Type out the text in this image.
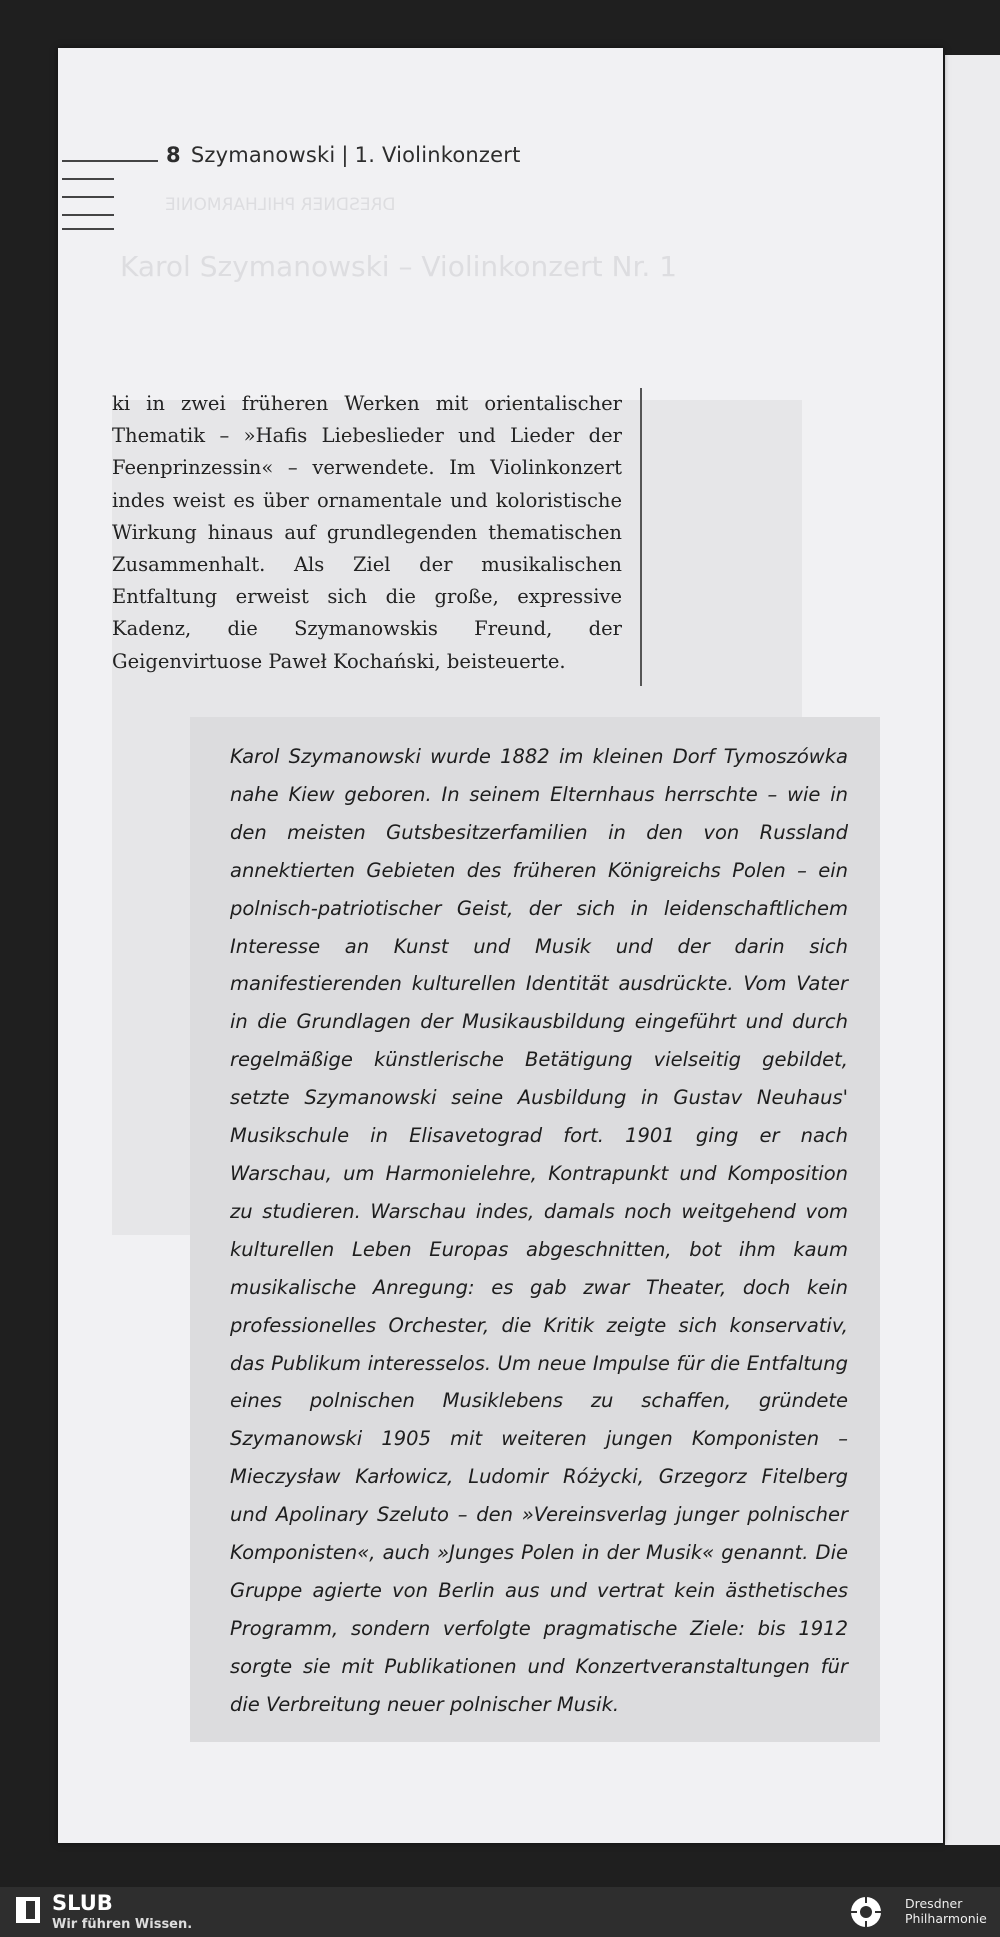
DRESDNER PHILHARMONIE
Karol Szymanowski – Violinkonzert Nr. 1
8 Szymanowski | 1. Violinkonzert

ki in zwei früheren Werken mit orientalischer Thematik – »Hafis Liebeslieder und Lieder der Feenprinzessin« – verwendete. Im Violinkonzert indes weist es über ornamentale und koloristische Wirkung hinaus auf grundlegenden thematischen Zusammenhalt. Als Ziel der musikalischen Entfaltung erweist sich die große, expressive Kadenz, die Szymanowskis Freund, der Geigenvirtuose Paweł Kochański, beisteuerte.

Karol Szymanowski wurde 1882 im kleinen Dorf Tymoszówka nahe Kiew geboren. In seinem Elternhaus herrschte – wie in den meisten Gutsbesitzerfamilien in den von Russland annektierten Gebieten des früheren Königreichs Polen – ein polnisch-patriotischer Geist, der sich in leidenschaftlichem Interesse an Kunst und Musik und der darin sich manifestierenden kulturellen Identität ausdrückte. Vom Vater in die Grundlagen der Musikausbildung eingeführt und durch regelmäßige künstlerische Betätigung vielseitig gebildet, setzte Szymanowski seine Ausbildung in Gustav Neuhaus' Musikschule in Elisavetograd fort. 1901 ging er nach Warschau, um Harmonielehre, Kontrapunkt und Komposition zu studieren. Warschau indes, damals noch weitgehend vom kulturellen Leben Europas abgeschnitten, bot ihm kaum musikalische Anregung: es gab zwar Theater, doch kein professionelles Orchester, die Kritik zeigte sich konservativ, das Publikum interesselos. Um neue Impulse für die Entfaltung eines polnischen Musiklebens zu schaffen, gründete Szymanowski 1905 mit weiteren jungen Komponisten – Mieczysław Karłowicz, Ludomir Różycki, Grzegorz Fitelberg und Apolinary Szeluto – den »Vereinsverlag junger polnischer Komponisten«, auch »Junges Polen in der Musik« genannt. Die Gruppe agierte von Berlin aus und vertrat kein ästhetisches Programm, sondern verfolgte pragmatische Ziele: bis 1912 sorgte sie mit Publikationen und Konzertveranstaltungen für die Verbreitung neuer polnischer Musik.

SLUB
Wir führen Wissen.
Dresdner
Philharmonie
